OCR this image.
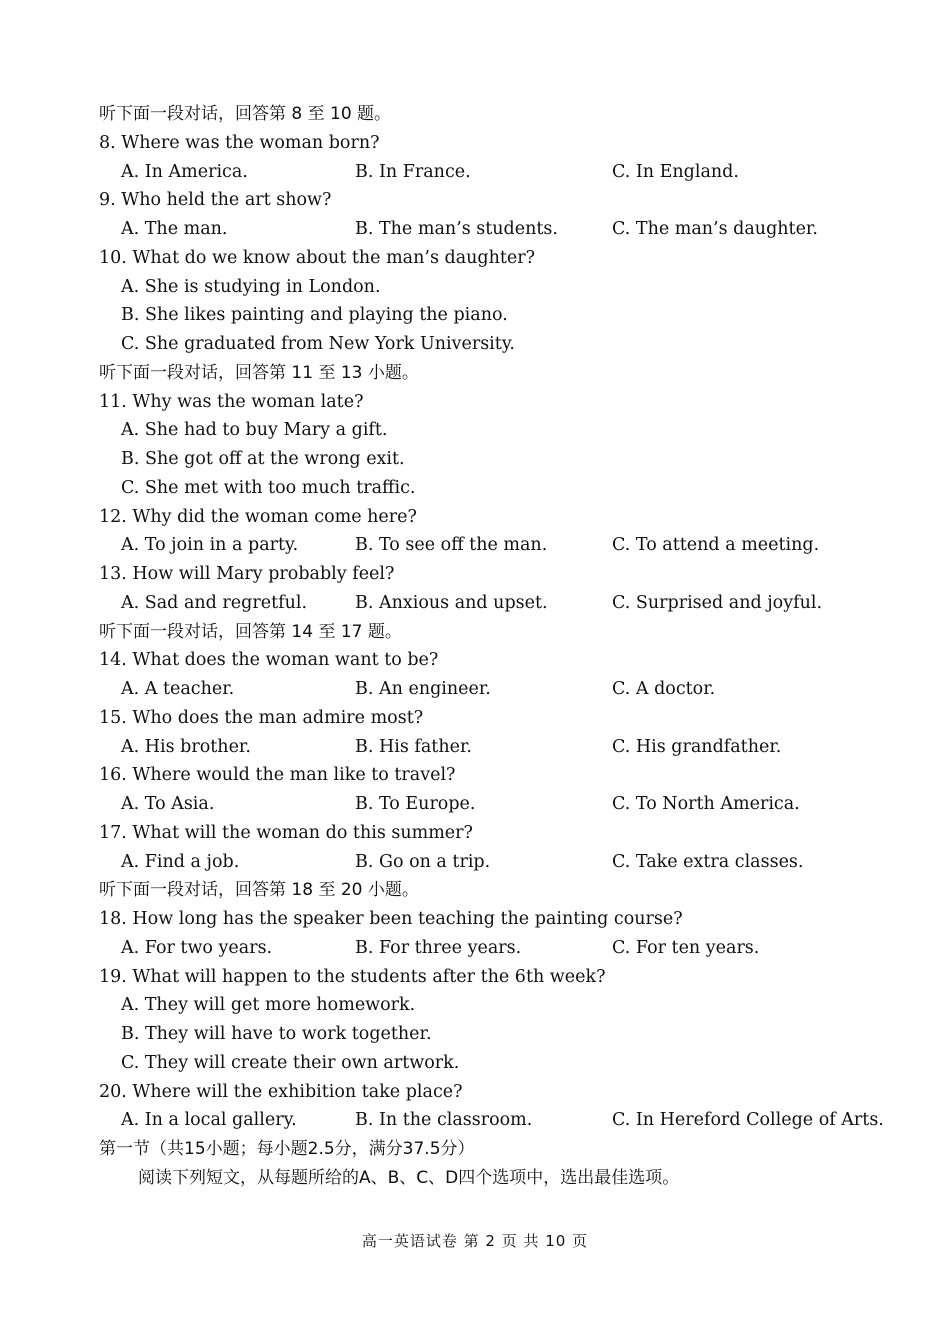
听下面一段对话，回答第 8 至 10 题。
8. Where was the woman born?
A. In America.	B. In France.	C. In England.
9. Who held the art show?
A. The man.	B. The man’s students.	C. The man’s daughter.
10. What do we know about the man’s daughter?
A. She is studying in London.
B. She likes painting and playing the piano.
C. She graduated from New York University.
听下面一段对话，回答第 11 至 13 小题。
11. Why was the woman late?
A. She had to buy Mary a gift.
B. She got off at the wrong exit.
C. She met with too much traffic.
12. Why did the woman come here?
A. To join in a party.	B. To see off the man.	C. To attend a meeting.
13. How will Mary probably feel?
A. Sad and regretful.	B. Anxious and upset.	C. Surprised and joyful.
听下面一段对话，回答第 14 至 17 题。
14. What does the woman want to be?
A. A teacher.	B. An engineer.	C. A doctor.
15. Who does the man admire most?
A. His brother.	B. His father.	C. His grandfather.
16. Where would the man like to travel?
A. To Asia.	B. To Europe.	C. To North America.
17. What will the woman do this summer?
A. Find a job.	B. Go on a trip.	C. Take extra classes.
听下面一段对话，回答第 18 至 20 小题。
18. How long has the speaker been teaching the painting course?
A. For two years.	B. For three years.	C. For ten years.
19. What will happen to the students after the 6th week?
A. They will get more homework.
B. They will have to work together.
C. They will create their own artwork.
20. Where will the exhibition take place?
A. In a local gallery.	B. In the classroom.	C. In Hereford College of Arts.
第一节（共15小题；每小题2.5分，满分37.5分）
阅读下列短文，从每题所给的A、B、C、D四个选项中，选出最佳选项。
高一英语试卷 第 2 页 共 10 页
